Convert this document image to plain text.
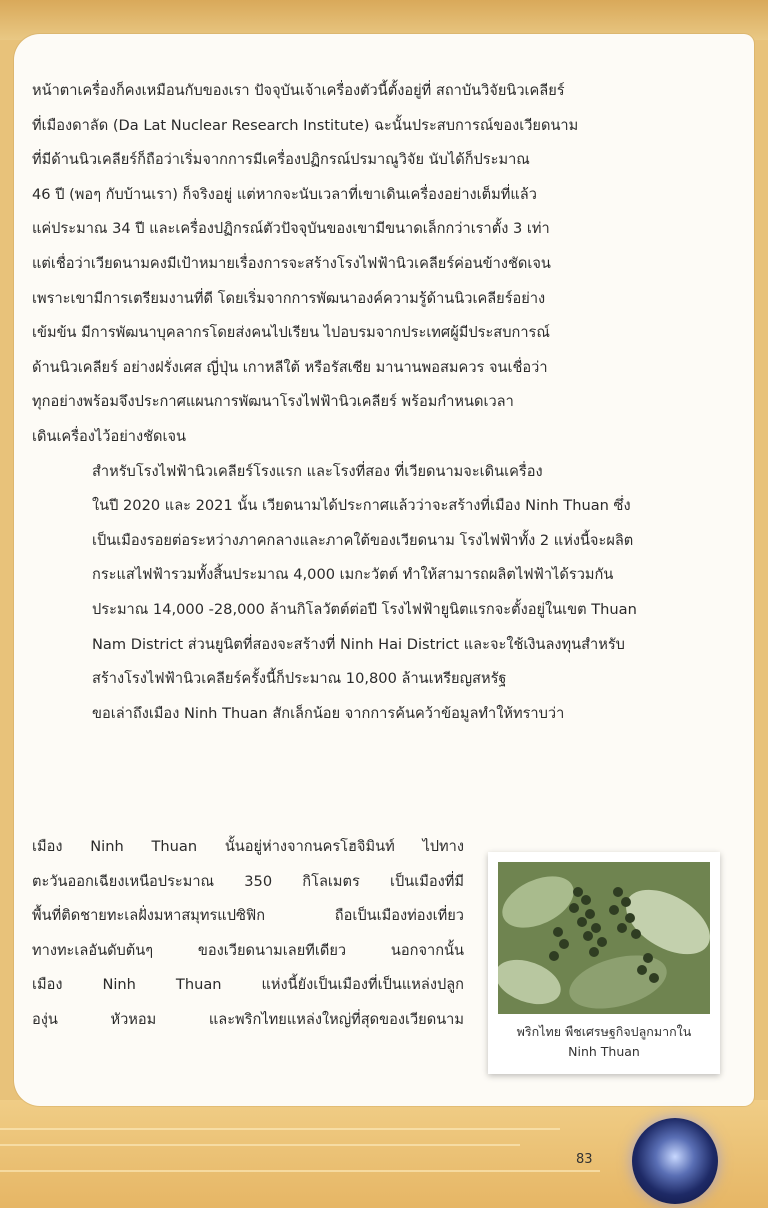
หน้าตาเครื่องก็คงเหมือนกับของเรา ปัจจุบันเจ้าเครื่องตัวนี้ตั้งอยู่ที่ สถาบันวิจัยนิวเคลียร์
ที่เมืองดาลัด (Da Lat Nuclear Research Institute) ฉะนั้นประสบการณ์ของเวียดนาม
ที่มีด้านนิวเคลียร์ก็ถือว่าเริ่มจากการมีเครื่องปฏิกรณ์ปรมาณูวิจัย นับได้ก็ประมาณ
46 ปี (พอๆ กับบ้านเรา) ก็จริงอยู่ แต่หากจะนับเวลาที่เขาเดินเครื่องอย่างเต็มที่แล้ว
แค่ประมาณ 34 ปี และเครื่องปฏิกรณ์ตัวปัจจุบันของเขามีขนาดเล็กกว่าเราตั้ง 3 เท่า
แต่เชื่อว่าเวียดนามคงมีเป้าหมายเรื่องการจะสร้างโรงไฟฟ้านิวเคลียร์ค่อนข้างชัดเจน
เพราะเขามีการเตรียมงานที่ดี โดยเริ่มจากการพัฒนาองค์ความรู้ด้านนิวเคลียร์อย่าง
เข้มข้น มีการพัฒนาบุคลากรโดยส่งคนไปเรียน ไปอบรมจากประเทศผู้มีประสบการณ์
ด้านนิวเคลียร์ อย่างฝรั่งเศส ญี่ปุ่น เกาหลีใต้ หรือรัสเซีย มานานพอสมควร จนเชื่อว่า
ทุกอย่างพร้อมจึงประกาศแผนการพัฒนาโรงไฟฟ้านิวเคลียร์ พร้อมกำหนดเวลา
เดินเครื่องไว้อย่างชัดเจน

สำหรับโรงไฟฟ้านิวเคลียร์โรงแรก และโรงที่สอง ที่เวียดนามจะเดินเครื่อง
ในปี 2020 และ 2021 นั้น เวียดนามได้ประกาศแล้วว่าจะสร้างที่เมือง Ninh Thuan ซึ่ง
เป็นเมืองรอยต่อระหว่างภาคกลางและภาคใต้ของเวียดนาม โรงไฟฟ้าทั้ง 2 แห่งนี้จะผลิต
กระแสไฟฟ้ารวมทั้งสิ้นประมาณ 4,000 เมกะวัตต์ ทำให้สามารถผลิตไฟฟ้าได้รวมกัน
ประมาณ 14,000 -28,000 ล้านกิโลวัตต์ต่อปี โรงไฟฟ้ายูนิตแรกจะตั้งอยู่ในเขต Thuan
Nam District ส่วนยูนิตที่สองจะสร้างที่ Ninh Hai District และจะใช้เงินลงทุนสำหรับ
สร้างโรงไฟฟ้านิวเคลียร์ครั้งนี้ก็ประมาณ 10,800 ล้านเหรียญสหรัฐ

ขอเล่าถึงเมือง Ninh Thuan สักเล็กน้อย จากการค้นคว้าข้อมูลทำให้ทราบว่า

เมือง Ninh Thuan นั้นอยู่ห่างจากนครโฮจิมินท์ ไปทาง
ตะวันออกเฉียงเหนือประมาณ 350 กิโลเมตร เป็นเมืองที่มี
พื้นที่ติดชายทะเลฝั่งมหาสมุทรแปซิฟิก ถือเป็นเมืองท่องเที่ยว
ทางทะเลอันดับต้นๆ ของเวียดนามเลยทีเดียว นอกจากนั้น
เมือง Ninh Thuan แห่งนี้ยังเป็นเมืองที่เป็นแหล่งปลูก
องุ่น หัวหอม และพริกไทยแหล่งใหญ่ที่สุดของเวียดนาม

พริกไทย พืชเศรษฐกิจปลูกมากใน
Ninh Thuan
83
